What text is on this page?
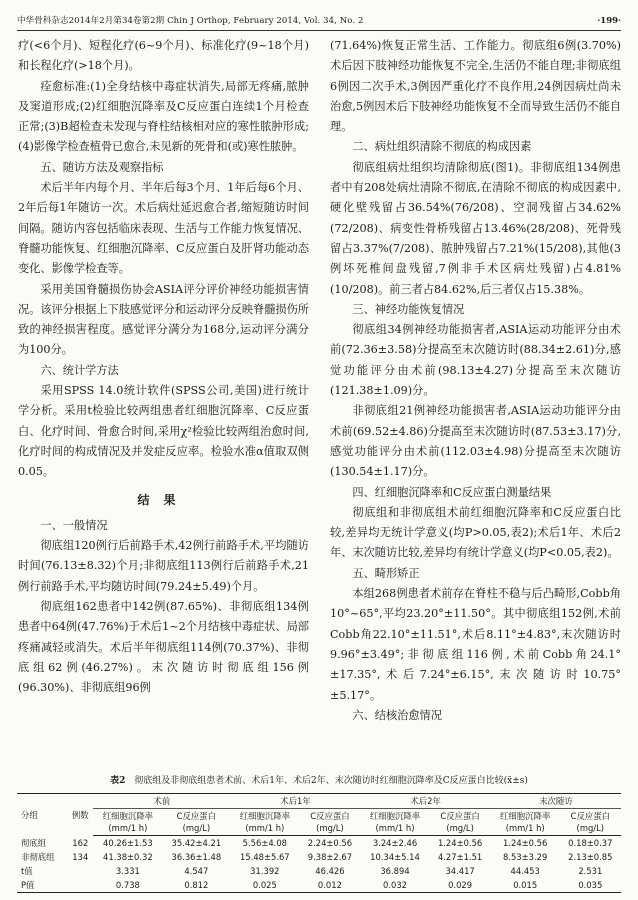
中华骨科杂志2014年2月第34卷第2期 Chin J Orthop, February 2014, Vol. 34, No. 2	·199·

疗(<6个月)、短程化疗(6~9个月)、标准化疗(9~18个月)和长程化疗(>18个月)。

痊愈标准:(1)全身结核中毒症状消失,局部无疼痛,脓肿及窦道形成;(2)红细胞沉降率及C反应蛋白连续1个月检查正常;(3)B超检查未发现与脊柱结核相对应的寒性脓肿形成;(4)影像学检查植骨已愈合,未见新的死骨和(或)寒性脓肿。

五、随访方法及观察指标

术后半年内每个月、半年后每3个月、1年后每6个月、2年后每1年随访一次。术后病灶延迟愈合者,缩短随访时间间隔。随访内容包括临床表现、生活与工作能力恢复情况、脊髓功能恢复、红细胞沉降率、C反应蛋白及肝肾功能动态变化、影像学检查等。

采用美国脊髓损伤协会ASIA评分评价神经功能损害情况。该评分根据上下肢感觉评分和运动评分反映脊髓损伤所致的神经损害程度。感觉评分满分为168分,运动评分满分为100分。

六、统计学方法

采用SPSS 14.0统计软件(SPSS公司,美国)进行统计学分析。采用t检验比较两组患者红细胞沉降率、C反应蛋白、化疗时间、骨愈合时间,采用χ²检验比较两组治愈时间,化疗时间的构成情况及并发症反应率。检验水准α值取双侧0.05。

结果

一、一般情况

彻底组120例行后前路手术,42例行前路手术,平均随访时间(76.13±8.32)个月;非彻底组113例行后前路手术,21例行前路手术,平均随访时间(79.24±5.49)个月。

彻底组162患者中142例(87.65%)、非彻底组134例患者中64例(47.76%)于术后1~2个月结核中毒症状、局部疼痛减轻或消失。术后半年彻底组114例(70.37%)、非彻底组62例(46.27%)。末次随访时彻底组156例(96.30%)、非彻底组96例

(71.64%)恢复正常生活、工作能力。彻底组6例(3.70%)术后因下肢神经功能恢复不完全,生活仍不能自理;非彻底组6例因二次手术,3例因严重化疗不良作用,24例因病灶尚未治愈,5例因术后下肢神经功能恢复不全而导致生活仍不能自理。

二、病灶组织清除不彻底的构成因素

彻底组病灶组织均清除彻底(图1)。非彻底组134例患者中有208处病灶清除不彻底,在清除不彻底的构成因素中,硬化壁残留占36.54%(76/208)、空洞残留占34.62%(72/208)、病变性骨桥残留占13.46%(28/208)、死骨残留占3.37%(7/208)、脓肿残留占7.21%(15/208),其他(3例坏死椎间盘残留,7例非手术区病灶残留)占4.81%(10/208)。前三者占84.62%,后三者仅占15.38%。

三、神经功能恢复情况

彻底组34例神经功能损害者,ASIA运动功能评分由术前(72.36±3.58)分提高至末次随访时(88.34±2.61)分,感觉功能评分由术前(98.13±4.27)分提高至末次随访(121.38±1.09)分。

非彻底组21例神经功能损害者,ASIA运动功能评分由术前(69.52±4.86)分提高至末次随访时(87.53±3.17)分,感觉功能评分由术前(112.03±4.98)分提高至末次随访(130.54±1.17)分。

四、红细胞沉降率和C反应蛋白测量结果

彻底组和非彻底组术前红细胞沉降率和C反应蛋白比较,差异均无统计学意义(均P>0.05,表2);术后1年、术后2年、末次随访比较,差异均有统计学意义(均P<0.05,表2)。

五、畸形矫正

本组268例患者术前存在脊柱不稳与后凸畸形,Cobb角10°~65°,平均23.20°±11.50°。其中彻底组152例,术前Cobb角22.10°±11.51°,术后8.11°±4.83°,末次随访时9.96°±3.49°;非彻底组116例,术前Cobb角24.1°±17.35°,术后7.24°±6.15°,末次随访时10.75°±5.17°。

六、结核治愈情况

表2 彻底组及非彻底组患者术前、术后1年、术后2年、末次随访时红细胞沉降率及C反应蛋白比较(x̄±s)
分组	例数	术前		术后1年		术后2年		末次随访	
		红细胞沉降率
(mm/1 h)	C反应蛋白
(mg/L)	红细胞沉降率
(mm/1 h)	C反应蛋白
(mg/L)	红细胞沉降率
(mm/1 h)	C反应蛋白
(mg/L)	红细胞沉降率
(mm/1 h)	C反应蛋白
(mg/L)

彻底组	162	40.26±1.53	35.42±4.21	5.56±4.08	2.24±0.56	3.24±2.46	1.24±0.56	1.24±0.56	0.18±0.37
非彻底组	134	41.38±0.32	36.36±1.48	15.48±5.67	9.38±2.67	10.34±5.14	4.27±1.51	8.53±3.29	2.13±0.85
t值		3.331	4.547	31.392	46.426	36.894	34.417	44.453	2.531
P值		0.738	0.812	0.025	0.012	0.032	0.029	0.015	0.035
